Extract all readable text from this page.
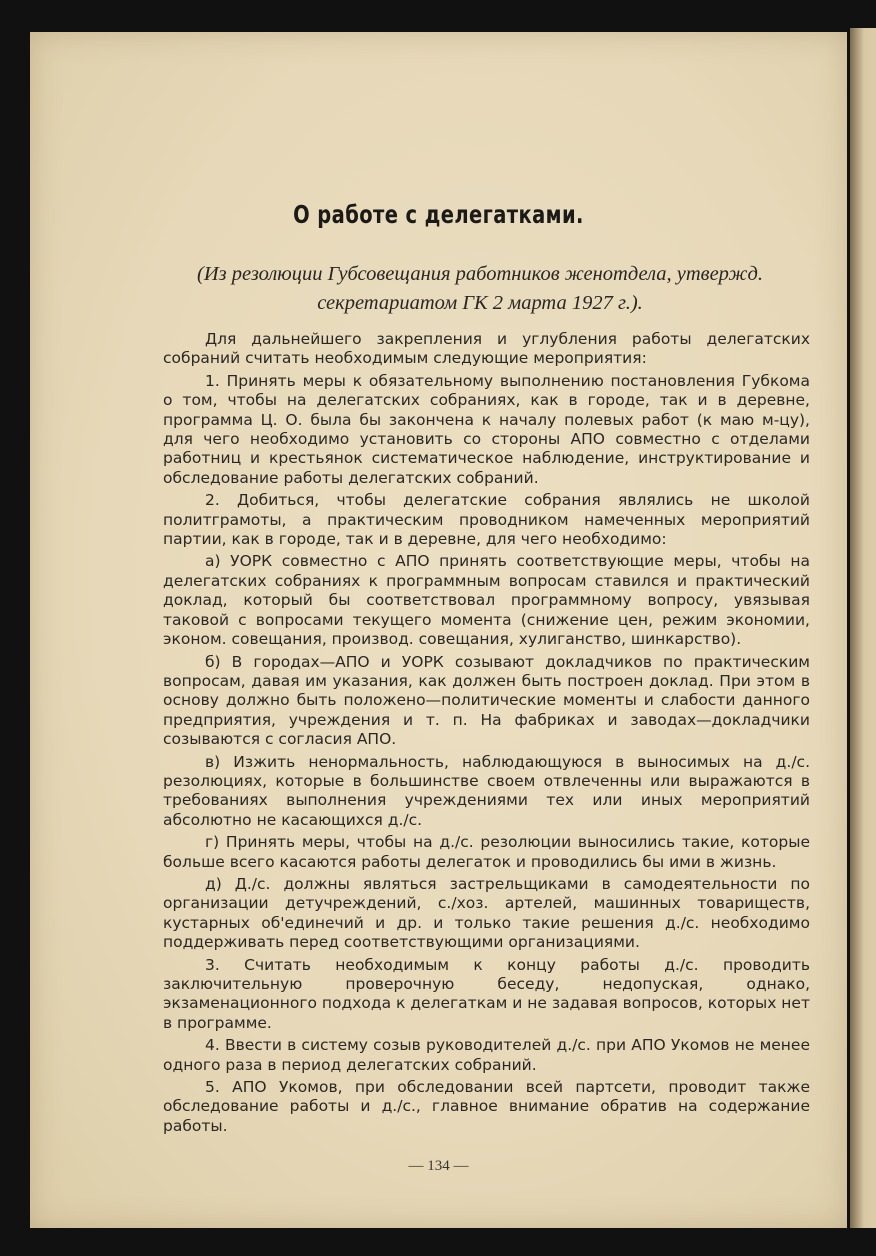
О работе с делегатками.
(Из резолюции Губсовещания работников женотдела, утвержд. секретариатом ГК 2 марта 1927 г.).

Для дальнейшего закрепления и углубления работы делегатских собраний считать необходимым следующие мероприятия:

1. Принять меры к обязательному выполнению постановления Губкома о том, чтобы на делегатских собраниях, как в городе, так и в деревне, программа Ц. О. была бы закончена к началу полевых работ (к маю м-цу), для чего необходимо установить со стороны АПО совместно с отделами работниц и крестьянок систематическое наблюдение, инструктирование и обследование работы делегатских собраний.

2. Добиться, чтобы делегатские собрания являлись не школой политграмоты, а практическим проводником намеченных мероприятий партии, как в городе, так и в деревне, для чего необходимо:

а) УОРК совместно с АПО принять соответствующие меры, чтобы на делегатских собраниях к программным вопросам ставился и практический доклад, который бы соответствовал программному вопросу, увязывая таковой с вопросами текущего момента (снижение цен, режим экономии, эконом. совещания, производ. совещания, хулиганство, шинкарство).

б) В городах—АПО и УОРК созывают докладчиков по практическим вопросам, давая им указания, как должен быть построен доклад. При этом в основу должно быть положено—политические моменты и слабости данного предприятия, учреждения и т. п. На фабриках и заводах—докладчики созываются с согласия АПО.

в) Изжить ненормальность, наблюдающуюся в выносимых на д./с. резолюциях, которые в большинстве своем отвлеченны или выражаются в требованиях выполнения учреждениями тех или иных мероприятий абсолютно не касающихся д./с.

г) Принять меры, чтобы на д./с. резолюции выносились такие, которые больше всего касаются работы делегаток и проводились бы ими в жизнь.

д) Д./с. должны являться застрельщиками в самодеятельности по организации детучреждений, с./хоз. артелей, машинных товариществ, кустарных об'единечий и др. и только такие решения д./с. необходимо поддерживать перед соответствующими организациями.

3. Считать необходимым к концу работы д./с. проводить заключительную проверочную беседу, недопуская, однако, экзаменационного подхода к делегаткам и не задавая вопросов, которых нет в программе.

4. Ввести в систему созыв руководителей д./с. при АПО Укомов не менее одного раза в период делегатских собраний.

5. АПО Укомов, при обследовании всей партсети, проводит также обследование работы и д./с., главное внимание обратив на содержание работы.

— 134 —
